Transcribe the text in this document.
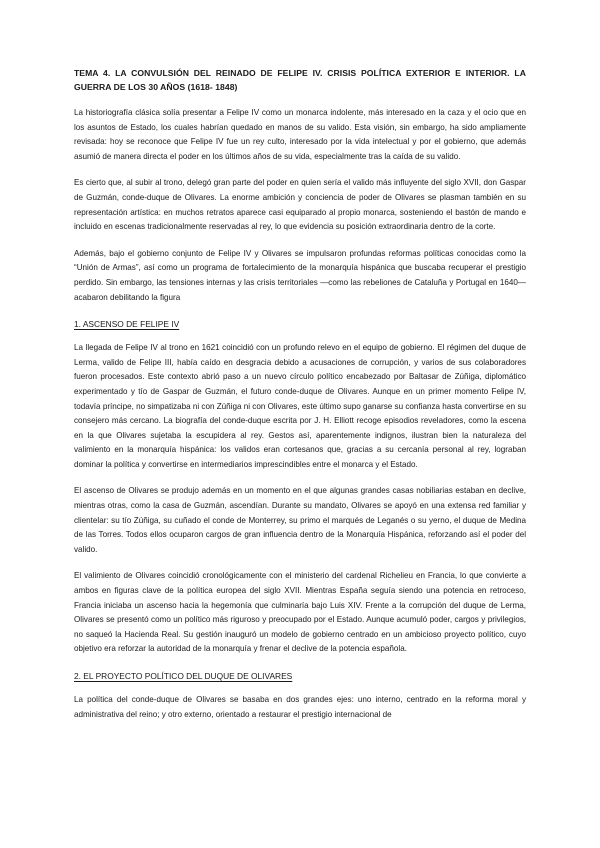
TEMA 4. LA CONVULSIÓN DEL REINADO DE FELIPE IV. CRISIS POLÍTICA EXTERIOR E INTERIOR. LA GUERRA DE LOS 30 AÑOS (1618- 1848)

La historiografía clásica solía presentar a Felipe IV como un monarca indolente, más interesado en la caza y el ocio que en los asuntos de Estado, los cuales habrían quedado en manos de su valido. Esta visión, sin embargo, ha sido ampliamente revisada: hoy se reconoce que Felipe IV fue un rey culto, interesado por la vida intelectual y por el gobierno, que además asumió de manera directa el poder en los últimos años de su vida, especialmente tras la caída de su valido.

Es cierto que, al subir al trono, delegó gran parte del poder en quien sería el valido más influyente del siglo XVII, don Gaspar de Guzmán, conde-duque de Olivares. La enorme ambición y conciencia de poder de Olivares se plasman también en su representación artística: en muchos retratos aparece casi equiparado al propio monarca, sosteniendo el bastón de mando e incluido en escenas tradicionalmente reservadas al rey, lo que evidencia su posición extraordinaria dentro de la corte.

Además, bajo el gobierno conjunto de Felipe IV y Olivares se impulsaron profundas reformas políticas conocidas como la “Unión de Armas”, así como un programa de fortalecimiento de la monarquía hispánica que buscaba recuperar el prestigio perdido. Sin embargo, las tensiones internas y las crisis territoriales —como las rebeliones de Cataluña y Portugal en 1640— acabaron debilitando la figura

1. ASCENSO DE FELIPE IV

La llegada de Felipe IV al trono en 1621 coincidió con un profundo relevo en el equipo de gobierno. El régimen del duque de Lerma, valido de Felipe III, había caído en desgracia debido a acusaciones de corrupción, y varios de sus colaboradores fueron procesados. Este contexto abrió paso a un nuevo círculo político encabezado por Baltasar de Zúñiga, diplomático experimentado y tío de Gaspar de Guzmán, el futuro conde-duque de Olivares. Aunque en un primer momento Felipe IV, todavía príncipe, no simpatizaba ni con Zúñiga ni con Olivares, este último supo ganarse su confianza hasta convertirse en su consejero más cercano. La biografía del conde-duque escrita por J. H. Elliott recoge episodios reveladores, como la escena en la que Olivares sujetaba la escupidera al rey. Gestos así, aparentemente indignos, ilustran bien la naturaleza del valimiento en la monarquía hispánica: los validos eran cortesanos que, gracias a su cercanía personal al rey, lograban dominar la política y convertirse en intermediarios imprescindibles entre el monarca y el Estado.

El ascenso de Olivares se produjo además en un momento en el que algunas grandes casas nobiliarias estaban en declive, mientras otras, como la casa de Guzmán, ascendían. Durante su mandato, Olivares se apoyó en una extensa red familiar y clientelar: su tío Zúñiga, su cuñado el conde de Monterrey, su primo el marqués de Leganés o su yerno, el duque de Medina de las Torres. Todos ellos ocuparon cargos de gran influencia dentro de la Monarquía Hispánica, reforzando así el poder del valido.

El valimiento de Olivares coincidió cronológicamente con el ministerio del cardenal Richelieu en Francia, lo que convierte a ambos en figuras clave de la política europea del siglo XVII. Mientras España seguía siendo una potencia en retroceso, Francia iniciaba un ascenso hacia la hegemonía que culminaría bajo Luis XIV. Frente a la corrupción del duque de Lerma, Olivares se presentó como un político más riguroso y preocupado por el Estado. Aunque acumuló poder, cargos y privilegios, no saqueó la Hacienda Real. Su gestión inauguró un modelo de gobierno centrado en un ambicioso proyecto político, cuyo objetivo era reforzar la autoridad de la monarquía y frenar el declive de la potencia española.

2. EL PROYECTO POLÍTICO DEL DUQUE DE OLIVARES

La política del conde-duque de Olivares se basaba en dos grandes ejes: uno interno, centrado en la reforma moral y administrativa del reino; y otro externo, orientado a restaurar el prestigio internacional de
